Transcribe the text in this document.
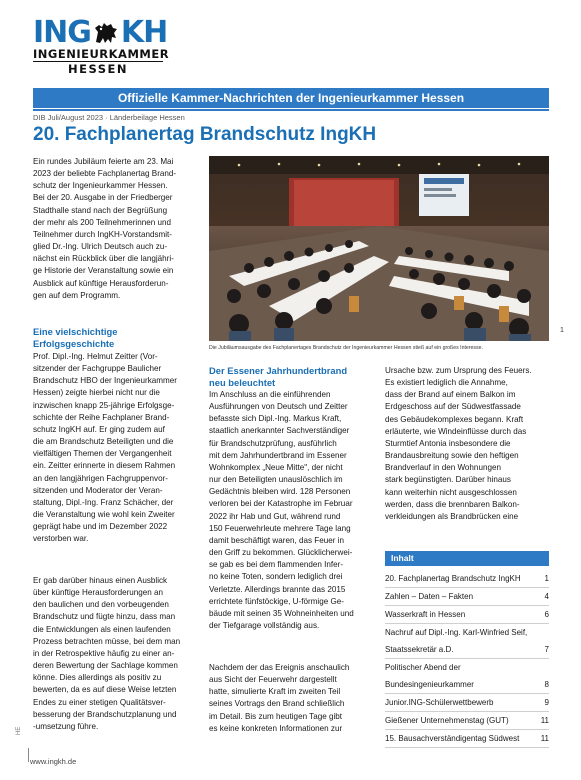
ING KH
INGENIEURKAMMER
HESSEN
Offizielle Kammer-Nachrichten der Ingenieurkammer Hessen
DIB Juli/August 2023 · Länderbeilage Hessen
20. Fachplanertag Brandschutz IngKH

Ein rundes Jubiläum feierte am 23. Mai

2023 der beliebte Fachplanertag Brand-

schutz der Ingenieurkammer Hessen.

Bei der 20. Ausgabe in der Friedberger

Stadthalle stand nach der Begrüßung

der mehr als 200 Teilnehmerinnen und

Teilnehmer durch IngKH-Vorstandsmit-

glied Dr.-Ing. Ulrich Deutsch auch zu-

nächst ein Rückblick über die langjähri-

ge Historie der Veranstaltung sowie ein

Ausblick auf künftige Herausforderun-

gen auf dem Programm.

Eine vielschichtige
Erfolgsgeschichte

Prof. Dipl.-Ing. Helmut Zeitter (Vor-

sitzender der Fachgruppe Baulicher

Brandschutz HBO der Ingenieurkammer

Hessen) zeigte hierbei nicht nur die

inzwischen knapp 25-jährige Erfolgsge-

schichte der Reihe Fachplaner Brand-

schutz IngKH auf. Er ging zudem auf

die am Brandschutz Beteiligten und die

vielfältigen Themen der Vergangenheit

ein. Zeitter erinnerte in diesem Rahmen

an den langjährigen Fachgruppenvor-

sitzenden und Moderator der Veran-

staltung, Dipl.-Ing. Franz Schächer, der

die Veranstaltung wie wohl kein Zweiter

geprägt habe und im Dezember 2022

verstorben war.

Er gab darüber hinaus einen Ausblick

über künftige Herausforderungen an

den baulichen und den vorbeugenden

Brandschutz und fügte hinzu, dass man

die Entwicklungen als einen laufenden

Prozess betrachten müsse, bei dem man

in der Retrospektive häufig zu einer an-

deren Bewertung der Sachlage kommen

könne. Dies allerdings als positiv zu

bewerten, da es auf diese Weise letzten

Endes zu einer stetigen Qualitätsver-

besserung der Brandschutzplanung und

-umsetzung führe.

Die Jubiläumsausgabe des Fachplanertages Brandschutz der Ingenieurkammer Hessen stieß auf ein großes Interesse.
1
Der Essener Jahrhundertbrand
neu beleuchtet

Im Anschluss an die einführenden

Ausführungen von Deutsch und Zeitter

befasste sich Dipl.-Ing. Markus Kraft,

staatlich anerkannter Sachverständiger

für Brandschutzprüfung, ausführlich

mit dem Jahrhundertbrand im Essener

Wohnkomplex „Neue Mitte", der nicht

nur den Beteiligten unauslöschlich im

Gedächtnis bleiben wird. 128 Personen

verloren bei der Katastrophe im Februar

2022 ihr Hab und Gut, während rund

150 Feuerwehrleute mehrere Tage lang

damit beschäftigt waren, das Feuer in

den Griff zu bekommen. Glücklicherwei-

se gab es bei dem flammenden Infer-

no keine Toten, sondern lediglich drei

Verletzte. Allerdings brannte das 2015

errichtete fünfstöckige, U-förmige Ge-

bäude mit seinen 35 Wohneinheiten und

der Tiefgarage vollständig aus.

Nachdem der das Ereignis anschaulich

aus Sicht der Feuerwehr dargestellt

hatte, simulierte Kraft im zweiten Teil

seines Vortrags den Brand schließlich

im Detail. Bis zum heutigen Tage gibt

es keine konkreten Informationen zur

Ursache bzw. zum Ursprung des Feuers.

Es existiert lediglich die Annahme,

dass der Brand auf einem Balkon im

Erdgeschoss auf der Südwestfassade

des Gebäudekomplexes begann. Kraft

erläuterte, wie Windeinflüsse durch das

Sturmtief Antonia insbesondere die

Brandausbreitung sowie den heftigen

Brandverlauf in den Wohnungen

stark begünstigten. Darüber hinaus

kann weiterhin nicht ausgeschlossen

werden, dass die brennbaren Balkon-

verkleidungen als Brandbrücken eine

Inhalt
20. Fachplanertag Brandschutz IngKH	1
Zahlen – Daten – Fakten	4
Wasserkraft in Hessen	6
Nachruf auf Dipl.-Ing. Karl-Winfried Seif,
Staatssekretär a.D.	7
Politischer Abend der
Bundesingenieurkammer	8
Junior.ING-Schülerwettbewerb	9
Gießener Unternehmenstag (GUT)	11
15. Bausachverständigentag Südwest	11
HE
www.ingkh.de
